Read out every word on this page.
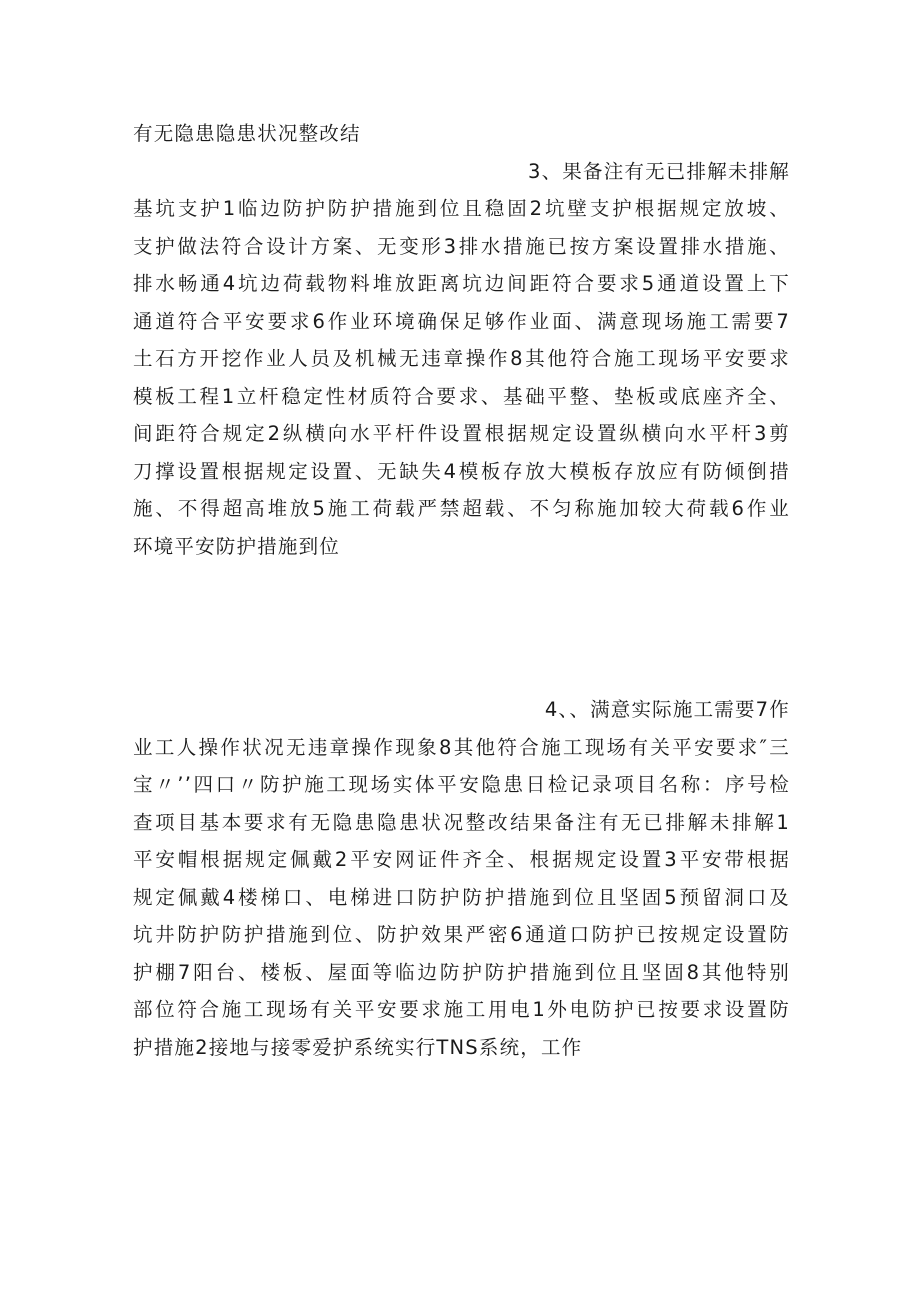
有无隐患隐患状况整改结
3、果备注有无已排解未排解
基坑支护1临边防护防护措施到位且稳固2坑壁支护根据规定放坡、
支护做法符合设计方案、无变形3排水措施已按方案设置排水措施、
排水畅通4坑边荷载物料堆放距离坑边间距符合要求5通道设置上下
通道符合平安要求6作业环境确保足够作业面、满意现场施工需要7
土石方开挖作业人员及机械无违章操作8其他符合施工现场平安要求
模板工程1立杆稳定性材质符合要求、基础平整、垫板或底座齐全、
间距符合规定2纵横向水平杆件设置根据规定设置纵横向水平杆3剪
刀撑设置根据规定设置、无缺失4模板存放大模板存放应有防倾倒措
施、不得超高堆放5施工荷载严禁超载、不匀称施加较大荷载6作业
环境平安防护措施到位
4、、满意实际施工需要7作
业工人操作状况无违章操作现象8其他符合施工现场有关平安要求″三
宝〃’’四口〃防护施工现场实体平安隐患日检记录项目名称：序号检
查项目基本要求有无隐患隐患状况整改结果备注有无已排解未排解1
平安帽根据规定佩戴2平安网证件齐全、根据规定设置3平安带根据
规定佩戴4楼梯口、电梯进口防护防护措施到位且坚固5预留洞口及
坑井防护防护措施到位、防护效果严密6通道口防护已按规定设置防
护棚7阳台、楼板、屋面等临边防护防护措施到位且坚固8其他特别
部位符合施工现场有关平安要求施工用电1外电防护已按要求设置防
护措施2接地与接零爱护系统实行TNS系统，工作
